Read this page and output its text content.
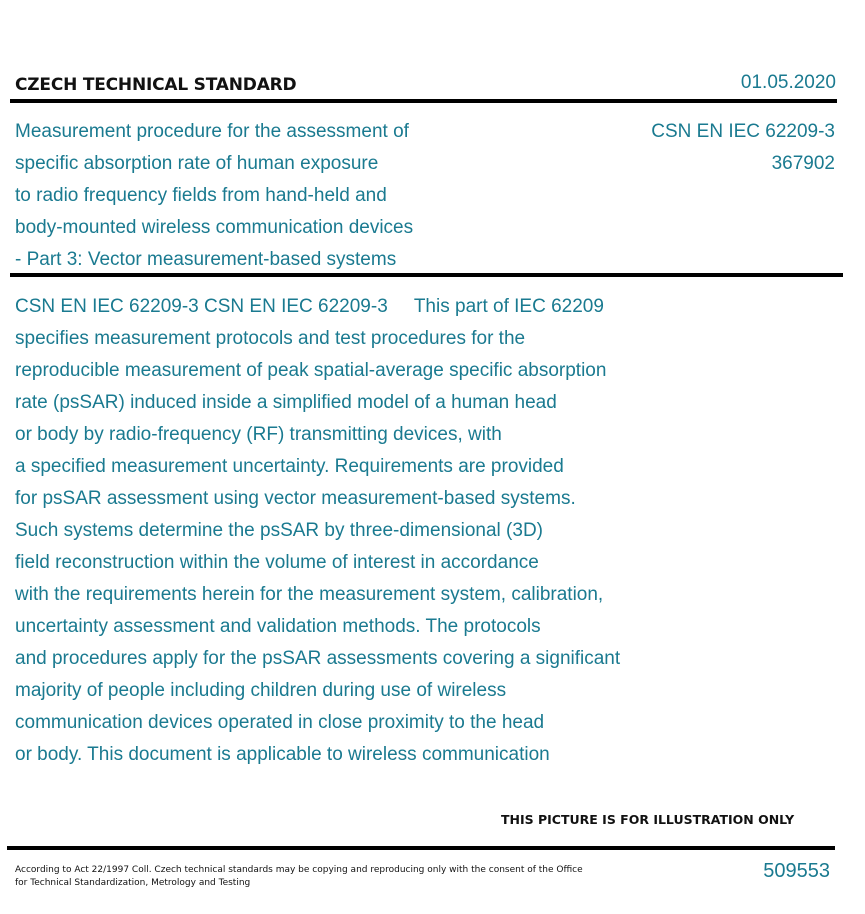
CZECH TECHNICAL STANDARD	01.05.2020
Measurement procedure for the assessment of
specific absorption rate of human exposure
to radio frequency fields from hand-held and
body-mounted wireless communication devices
- Part 3: Vector measurement-based systems
CSN EN IEC 62209-3
367902
CSN EN IEC 62209-3 CSN EN IEC 62209-3     This part of IEC 62209
specifies measurement protocols and test procedures for the
reproducible measurement of peak spatial-average specific absorption
rate (psSAR) induced inside a simplified model of a human head
or body by radio-frequency (RF) transmitting devices, with
a specified measurement uncertainty. Requirements are provided
for psSAR assessment using vector measurement-based systems.
Such systems determine the psSAR by three-dimensional (3D)
field reconstruction within the volume of interest in accordance
with the requirements herein for the measurement system, calibration,
uncertainty assessment and validation methods. The protocols
and procedures apply for the psSAR assessments covering a significant
majority of people including children during use of wireless
communication devices operated in close proximity to the head
or body. This document is applicable to wireless communication
THIS PICTURE IS FOR ILLUSTRATION ONLY
According to Act 22/1997 Coll. Czech technical standards may be copying and reproducing only with the consent of the Office
for Technical Standardization, Metrology and Testing
509553
